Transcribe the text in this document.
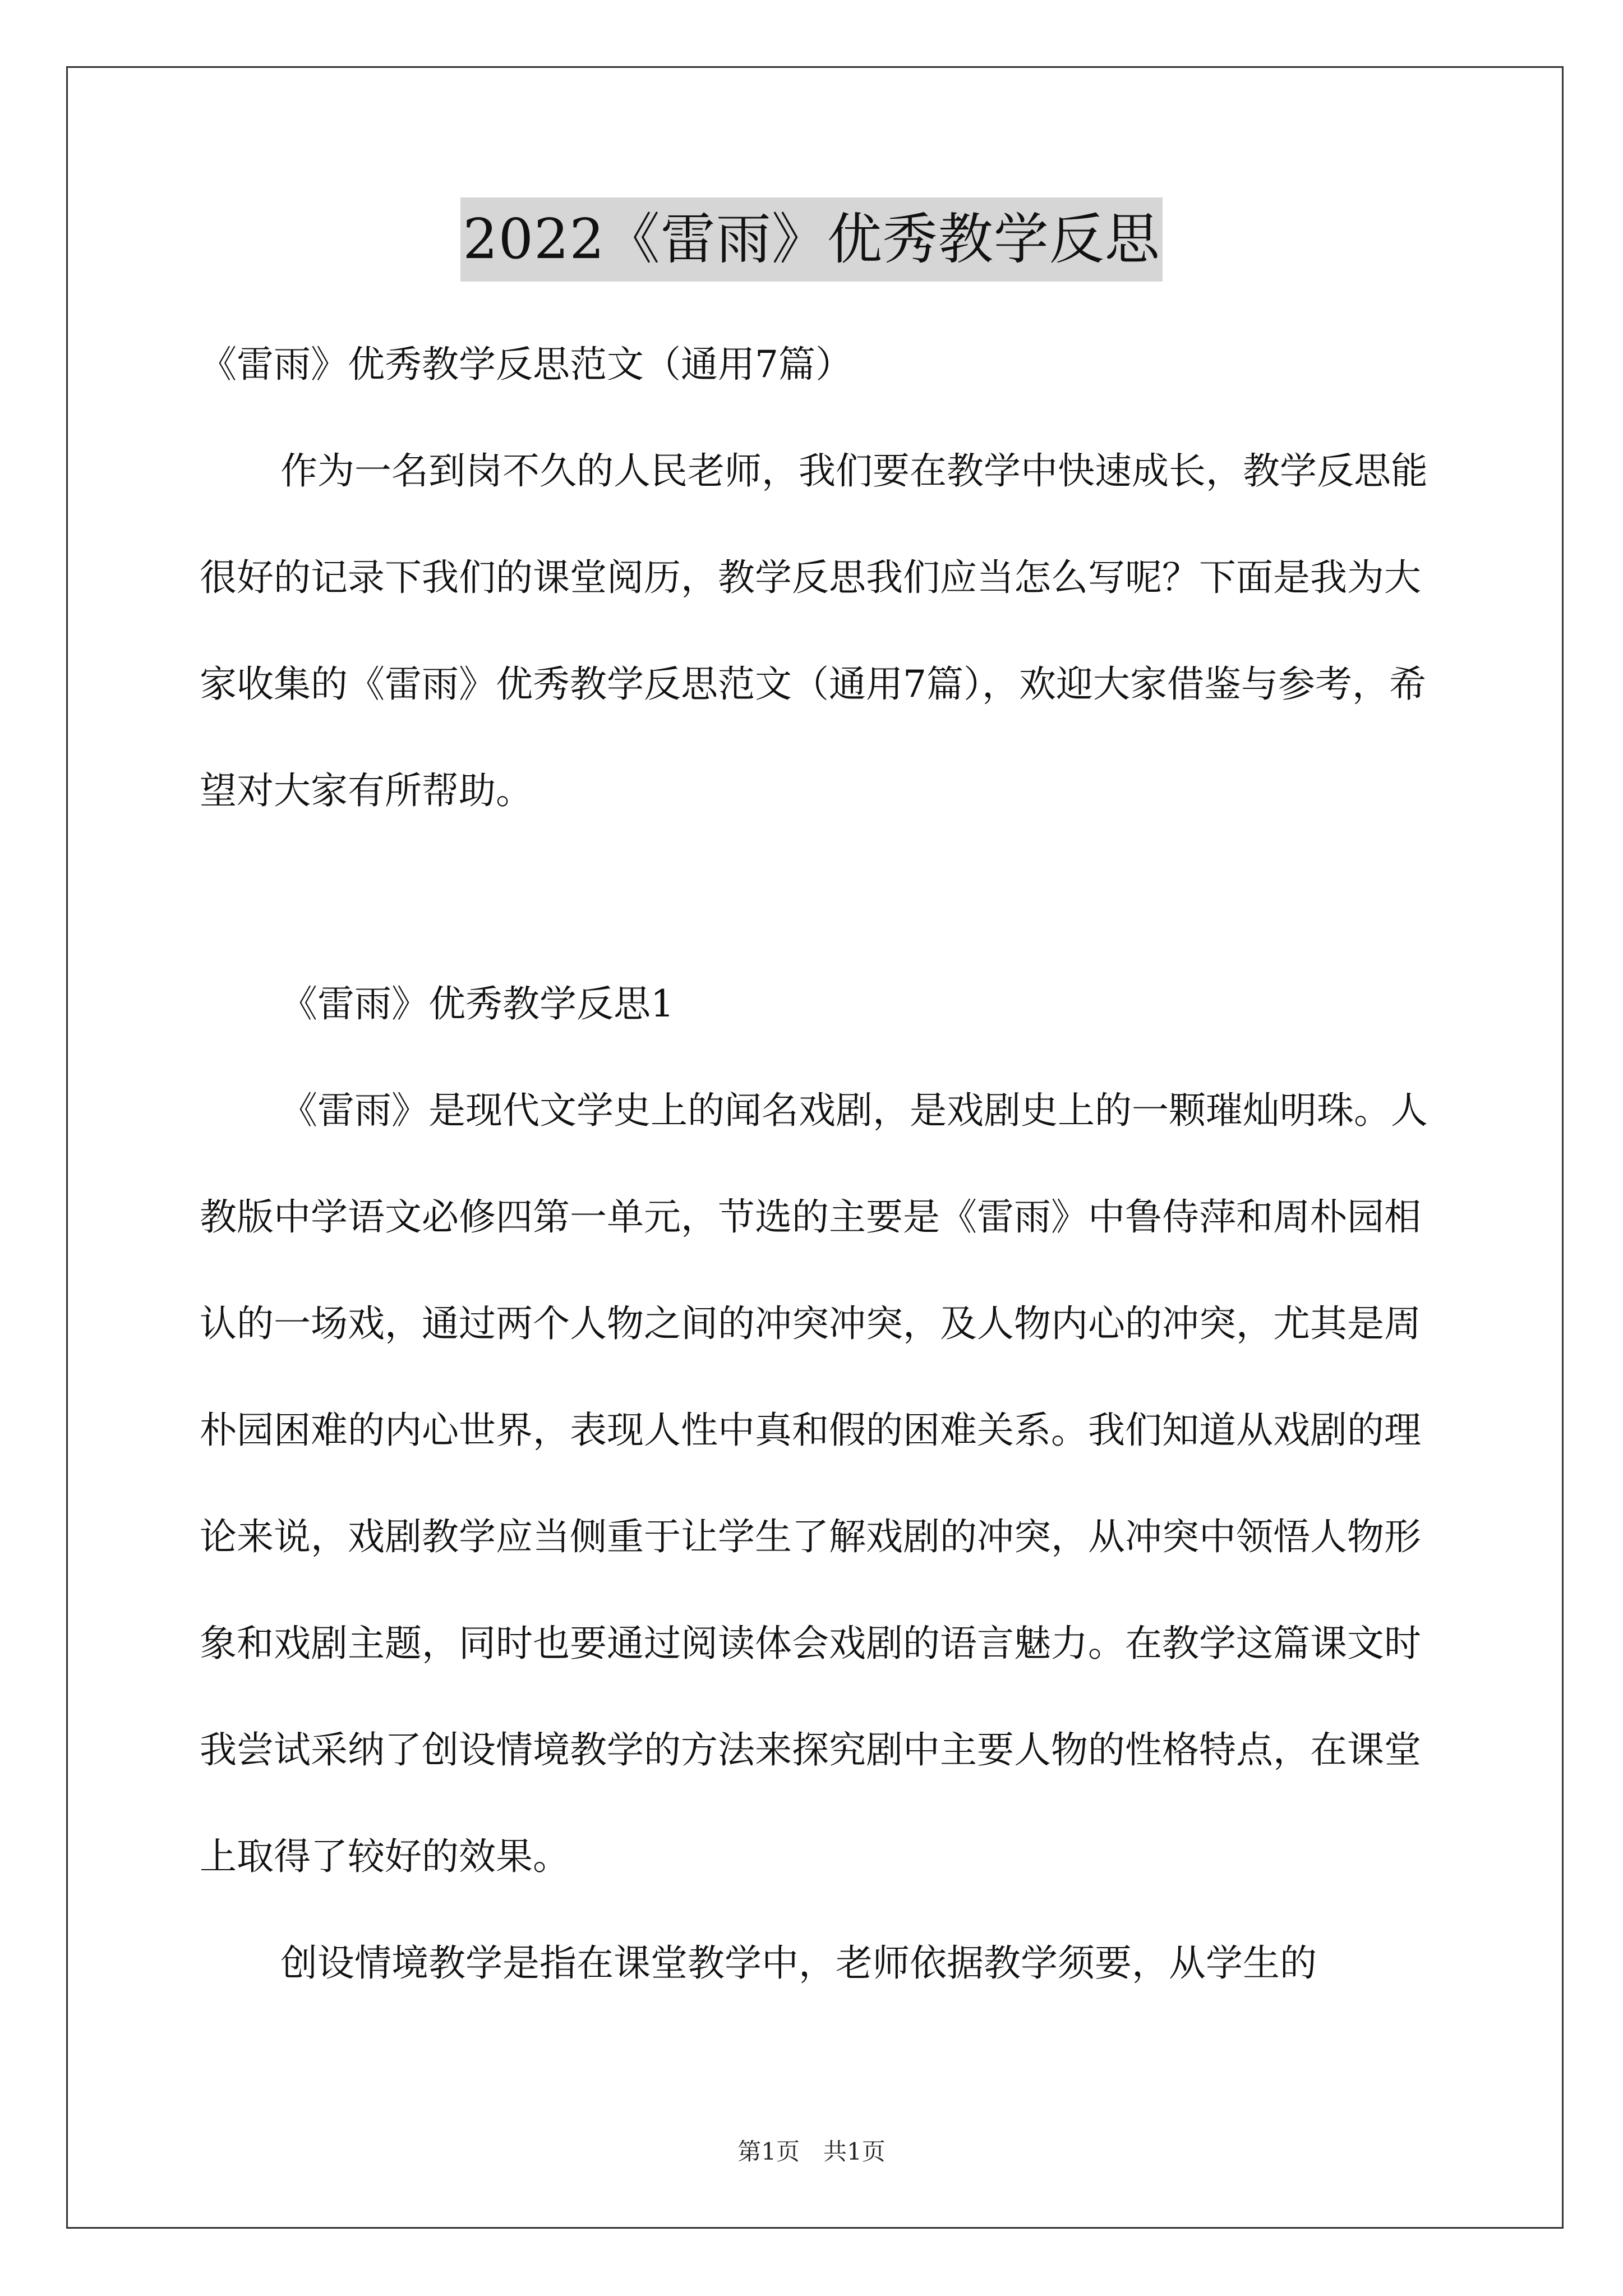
2022《雷雨》优秀教学反思

《雷雨》优秀教学反思范文（通用7篇）

作为一名到岗不久的人民老师，我们要在教学中快速成长，教学反思能很好的记录下我们的课堂阅历，教学反思我们应当怎么写呢？下面是我为大家收集的《雷雨》优秀教学反思范文（通用7篇），欢迎大家借鉴与参考，希望对大家有所帮助。

《雷雨》优秀教学反思1

《雷雨》是现代文学史上的闻名戏剧，是戏剧史上的一颗璀灿明珠。人教版中学语文必修四第一单元，节选的主要是《雷雨》中鲁侍萍和周朴园相认的一场戏，通过两个人物之间的冲突冲突，及人物内心的冲突，尤其是周朴园困难的内心世界，表现人性中真和假的困难关系。我们知道从戏剧的理论来说，戏剧教学应当侧重于让学生了解戏剧的冲突，从冲突中领悟人物形象和戏剧主题，同时也要通过阅读体会戏剧的语言魅力。在教学这篇课文时我尝试采纳了创设情境教学的方法来探究剧中主要人物的性格特点，在课堂上取得了较好的效果。

创设情境教学是指在课堂教学中，老师依据教学须要，从学生的

第1页 共1页
